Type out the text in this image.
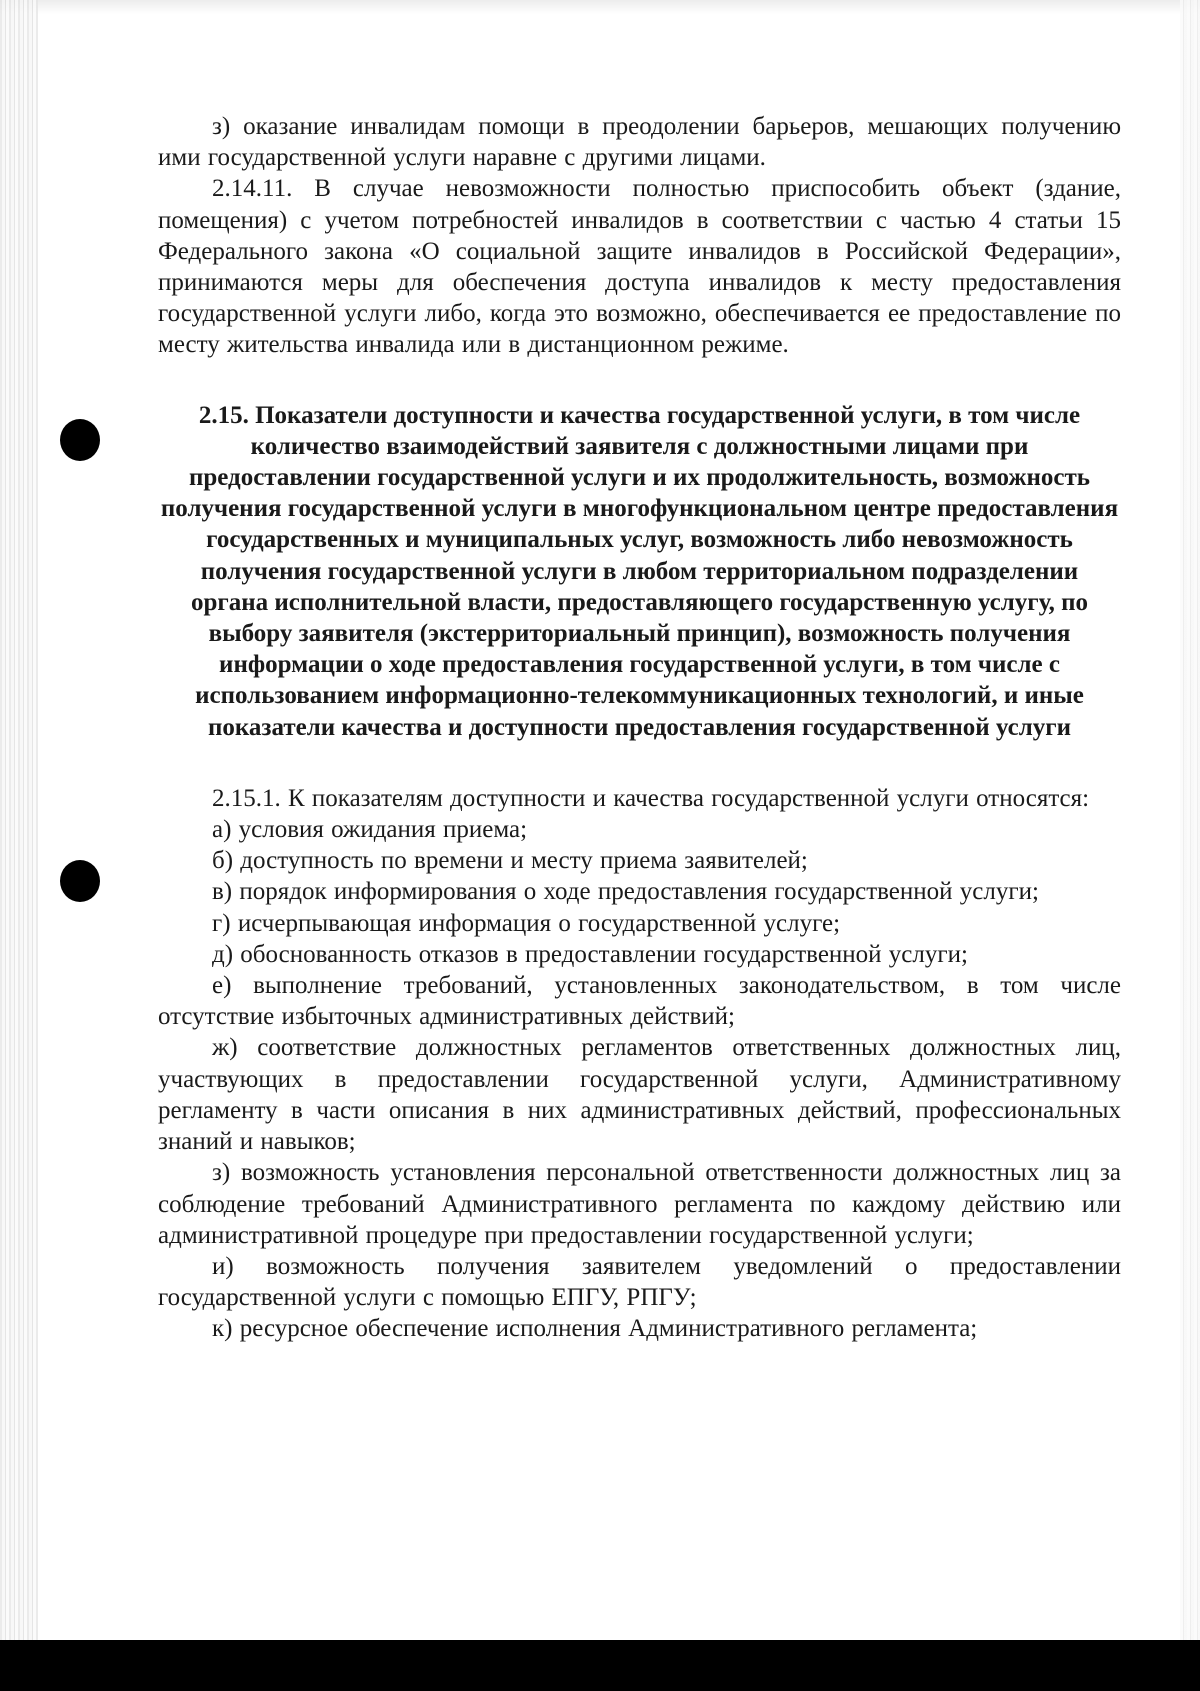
з) оказание инвалидам помощи в преодолении барьеров, мешающих получению ими государственной услуги наравне с другими лицами.

2.14.11. В случае невозможности полностью приспособить объект (здание, помещения) с учетом потребностей инвалидов в соответствии с частью 4 статьи 15 Федерального закона «О социальной защите инвалидов в Российской Федерации», принимаются меры для обеспечения доступа инвалидов к месту предоставления государственной услуги либо, когда это возможно, обеспечивается ее предоставление по месту жительства инвалида или в дистанционном режиме.

2.15. Показатели доступности и качества государственной услуги, в том числе количество взаимодействий заявителя с должностными лицами при предоставлении государственной услуги и их продолжительность, возможность получения государственной услуги в многофункциональном центре предоставления государственных и муниципальных услуг, возможность либо невозможность получения государственной услуги в любом территориальном подразделении органа исполнительной власти, предоставляющего государственную услугу, по выбору заявителя (экстерриториальный принцип), возможность получения информации о ходе предоставления государственной услуги, в том числе с использованием информационно-телекоммуникационных технологий, и иные показатели качества и доступности предоставления государственной услуги

2.15.1. К показателям доступности и качества государственной услуги относятся:

а) условия ожидания приема;

б) доступность по времени и месту приема заявителей;

в) порядок информирования о ходе предоставления государственной услуги;

г) исчерпывающая информация о государственной услуге;

д) обоснованность отказов в предоставлении государственной услуги;

е) выполнение требований, установленных законодательством, в том числе отсутствие избыточных административных действий;

ж) соответствие должностных регламентов ответственных должностных лиц, участвующих в предоставлении государственной услуги, Административному регламенту в части описания в них административных действий, профессиональных знаний и навыков;

з) возможность установления персональной ответственности должностных лиц за соблюдение требований Административного регламента по каждому действию или административной процедуре при предоставлении государственной услуги;

и) возможность получения заявителем уведомлений о предоставлении государственной услуги с помощью ЕПГУ, РПГУ;

к) ресурсное обеспечение исполнения Административного регламента;
